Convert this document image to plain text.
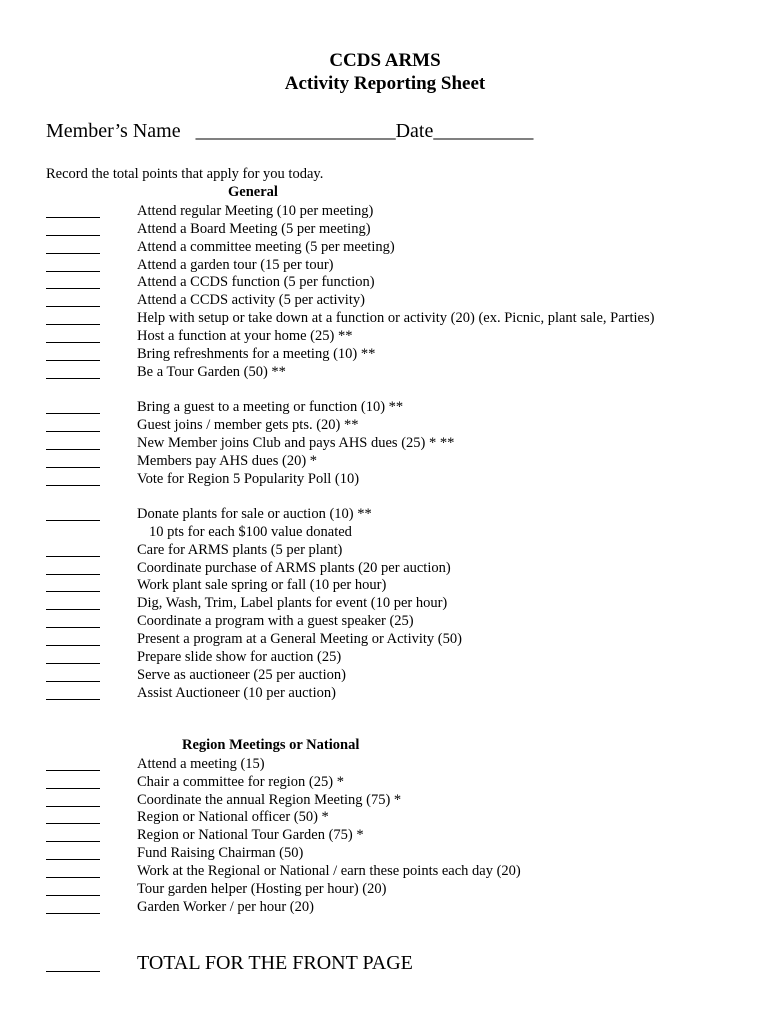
CCDS ARMS
Activity Reporting Sheet
Member’s Name   ____________________Date__________
Record the total points that apply for you today.
General
Attend regular Meeting (10 per meeting)
Attend a Board Meeting (5 per meeting)
Attend a committee meeting (5 per meeting)
Attend a garden tour (15 per tour)
Attend a CCDS function (5 per function)
Attend a CCDS activity (5 per activity)
Help with setup or take down at a function or activity (20) (ex. Picnic, plant sale, Parties)
Host a function at your home (25) **
Bring refreshments for a meeting (10) **
Be a Tour Garden (50) **
Bring a guest to a meeting or function (10) **
Guest joins / member gets pts. (20) **
New Member joins Club and pays AHS dues (25) * **
Members pay AHS dues (20) *
Vote for Region 5 Popularity Poll (10)
Donate plants for sale or auction (10) **
10 pts for each $100 value donated
Care for ARMS plants (5 per plant)
Coordinate purchase of ARMS plants (20 per auction)
Work plant sale spring or fall (10 per hour)
Dig, Wash, Trim, Label plants for event (10 per hour)
Coordinate a program with a guest speaker (25)
Present a program at a General Meeting or Activity (50)
Prepare slide show for auction (25)
Serve as auctioneer (25 per auction)
Assist Auctioneer (10 per auction)
Region Meetings or National
Attend a meeting (15)
Chair a committee for region (25) *
Coordinate the annual Region Meeting (75) *
Region or National officer (50) *
Region or National Tour Garden (75) *
Fund Raising Chairman (50)
Work at the Regional or National / earn these points each day (20)
Tour garden helper (Hosting per hour) (20)
Garden Worker / per hour (20)
TOTAL FOR THE FRONT PAGE
